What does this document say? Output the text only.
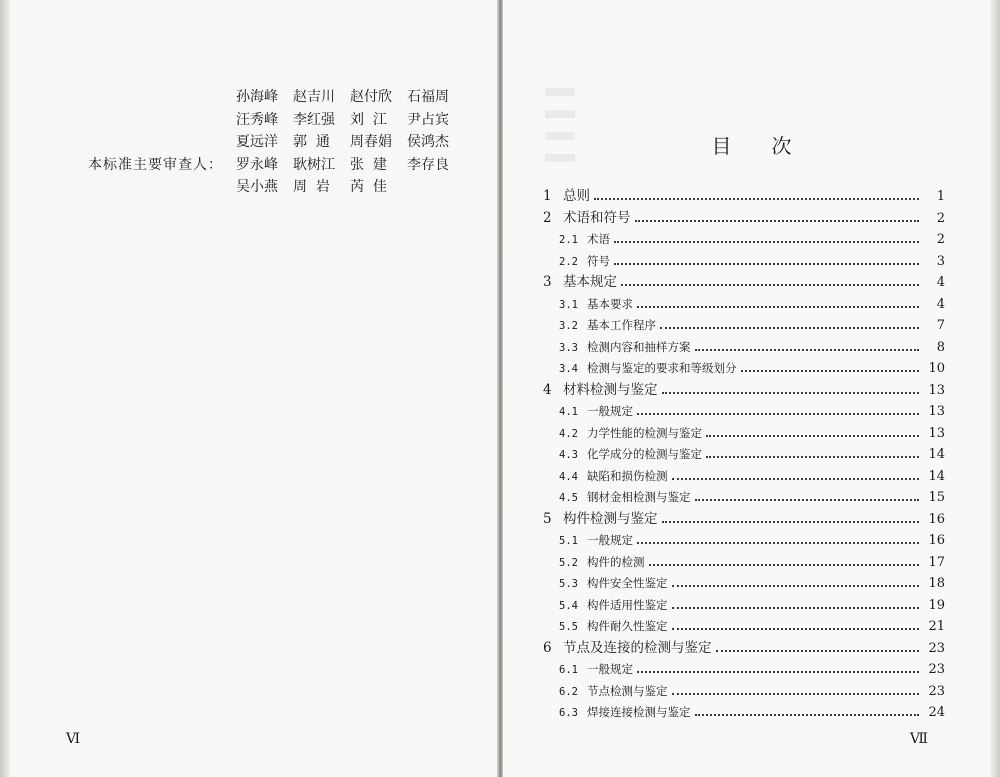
孙海峰	赵吉川	赵付欣	石福周
汪秀峰	李红强	刘  江	尹占宾
夏远洋	郭  通	周春娟	侯鸿杰
本标准主要审查人： 罗永峰	耿树江	张  建	李存良
吴小燕	周  岩	芮  佳
Ⅵ
目次
1 总则	1
2 术语和符号	2
2.1 术语	2
2.2 符号	3
3 基本规定	4
3.1 基本要求	4
3.2 基本工作程序	7
3.3 检测内容和抽样方案	8
3.4 检测与鉴定的要求和等级划分	10
4 材料检测与鉴定	13
4.1 一般规定	13
4.2 力学性能的检测与鉴定	13
4.3 化学成分的检测与鉴定	14
4.4 缺陷和损伤检测	14
4.5 钢材金相检测与鉴定	15
5 构件检测与鉴定	16
5.1 一般规定	16
5.2 构件的检测	17
5.3 构件安全性鉴定	18
5.4 构件适用性鉴定	19
5.5 构件耐久性鉴定	21
6 节点及连接的检测与鉴定	23
6.1 一般规定	23
6.2 节点检测与鉴定	23
6.3 焊接连接检测与鉴定	24
Ⅶ
